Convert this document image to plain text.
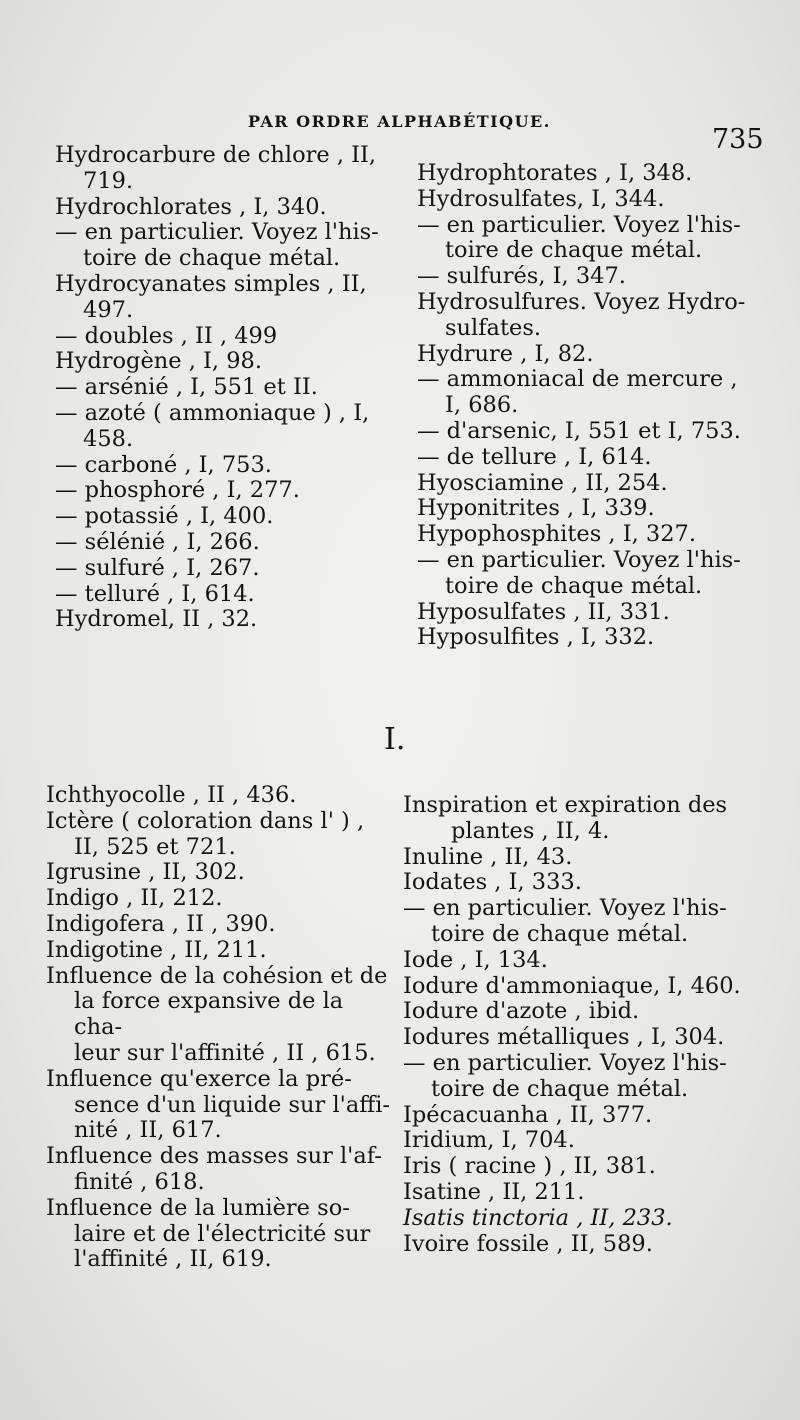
PAR ORDRE ALPHABÉTIQUE.
735

Hydrocarbure de chlore , II,

719.

Hydrochlorates , I, 340.

— en particulier. Voyez l'his-

toire de chaque métal.

Hydrocyanates simples , II,

497.

— doubles , II , 499

Hydrogène , I, 98.

— arsénié , I, 551 et II.

— azoté ( ammoniaque ) , I,

458.

— carboné , I, 753.

— phosphoré , I, 277.

— potassié , I, 400.

— sélénié , I, 266.

— sulfuré , I, 267.

— telluré , I, 614.

Hydromel, II , 32.

Hydrophtorates , I, 348.

Hydrosulfates, I, 344.

— en particulier. Voyez l'his-

toire de chaque métal.

— sulfurés, I, 347.

Hydrosulfures. Voyez Hydro-

sulfates.

Hydrure , I, 82.

— ammoniacal de mercure ,

I, 686.

— d'arsenic, I, 551 et I, 753.

— de tellure , I, 614.

Hyosciamine , II, 254.

Hyponitrites , I, 339.

Hypophosphites , I, 327.

— en particulier. Voyez l'his-

toire de chaque métal.

Hyposulfates , II, 331.

Hyposulfites , I, 332.

I.

Ichthyocolle , II , 436.

Ictère ( coloration dans l' ) ,

II, 525 et 721.

Igrusine , II, 302.

Indigo , II, 212.

Indigofera , II , 390.

Indigotine , II, 211.

Influence de la cohésion et de

la force expansive de la cha-

leur sur l'affinité , II , 615.

Influence qu'exerce la pré-

sence d'un liquide sur l'affi-

nité , II, 617.

Influence des masses sur l'af-

finité , 618.

Influence de la lumière so-

laire et de l'électricité sur

l'affinité , II, 619.

Inspiration et expiration des

plantes , II, 4.

Inuline , II, 43.

Iodates , I, 333.

— en particulier. Voyez l'his-

toire de chaque métal.

Iode , I, 134.

Iodure d'ammoniaque, I, 460.

Iodure d'azote , ibid.

Iodures métalliques , I, 304.

— en particulier. Voyez l'his-

toire de chaque métal.

Ipécacuanha , II, 377.

Iridium, I, 704.

Iris ( racine ) , II, 381.

Isatine , II, 211.

Isatis tinctoria , II, 233.

Ivoire fossile , II, 589.
